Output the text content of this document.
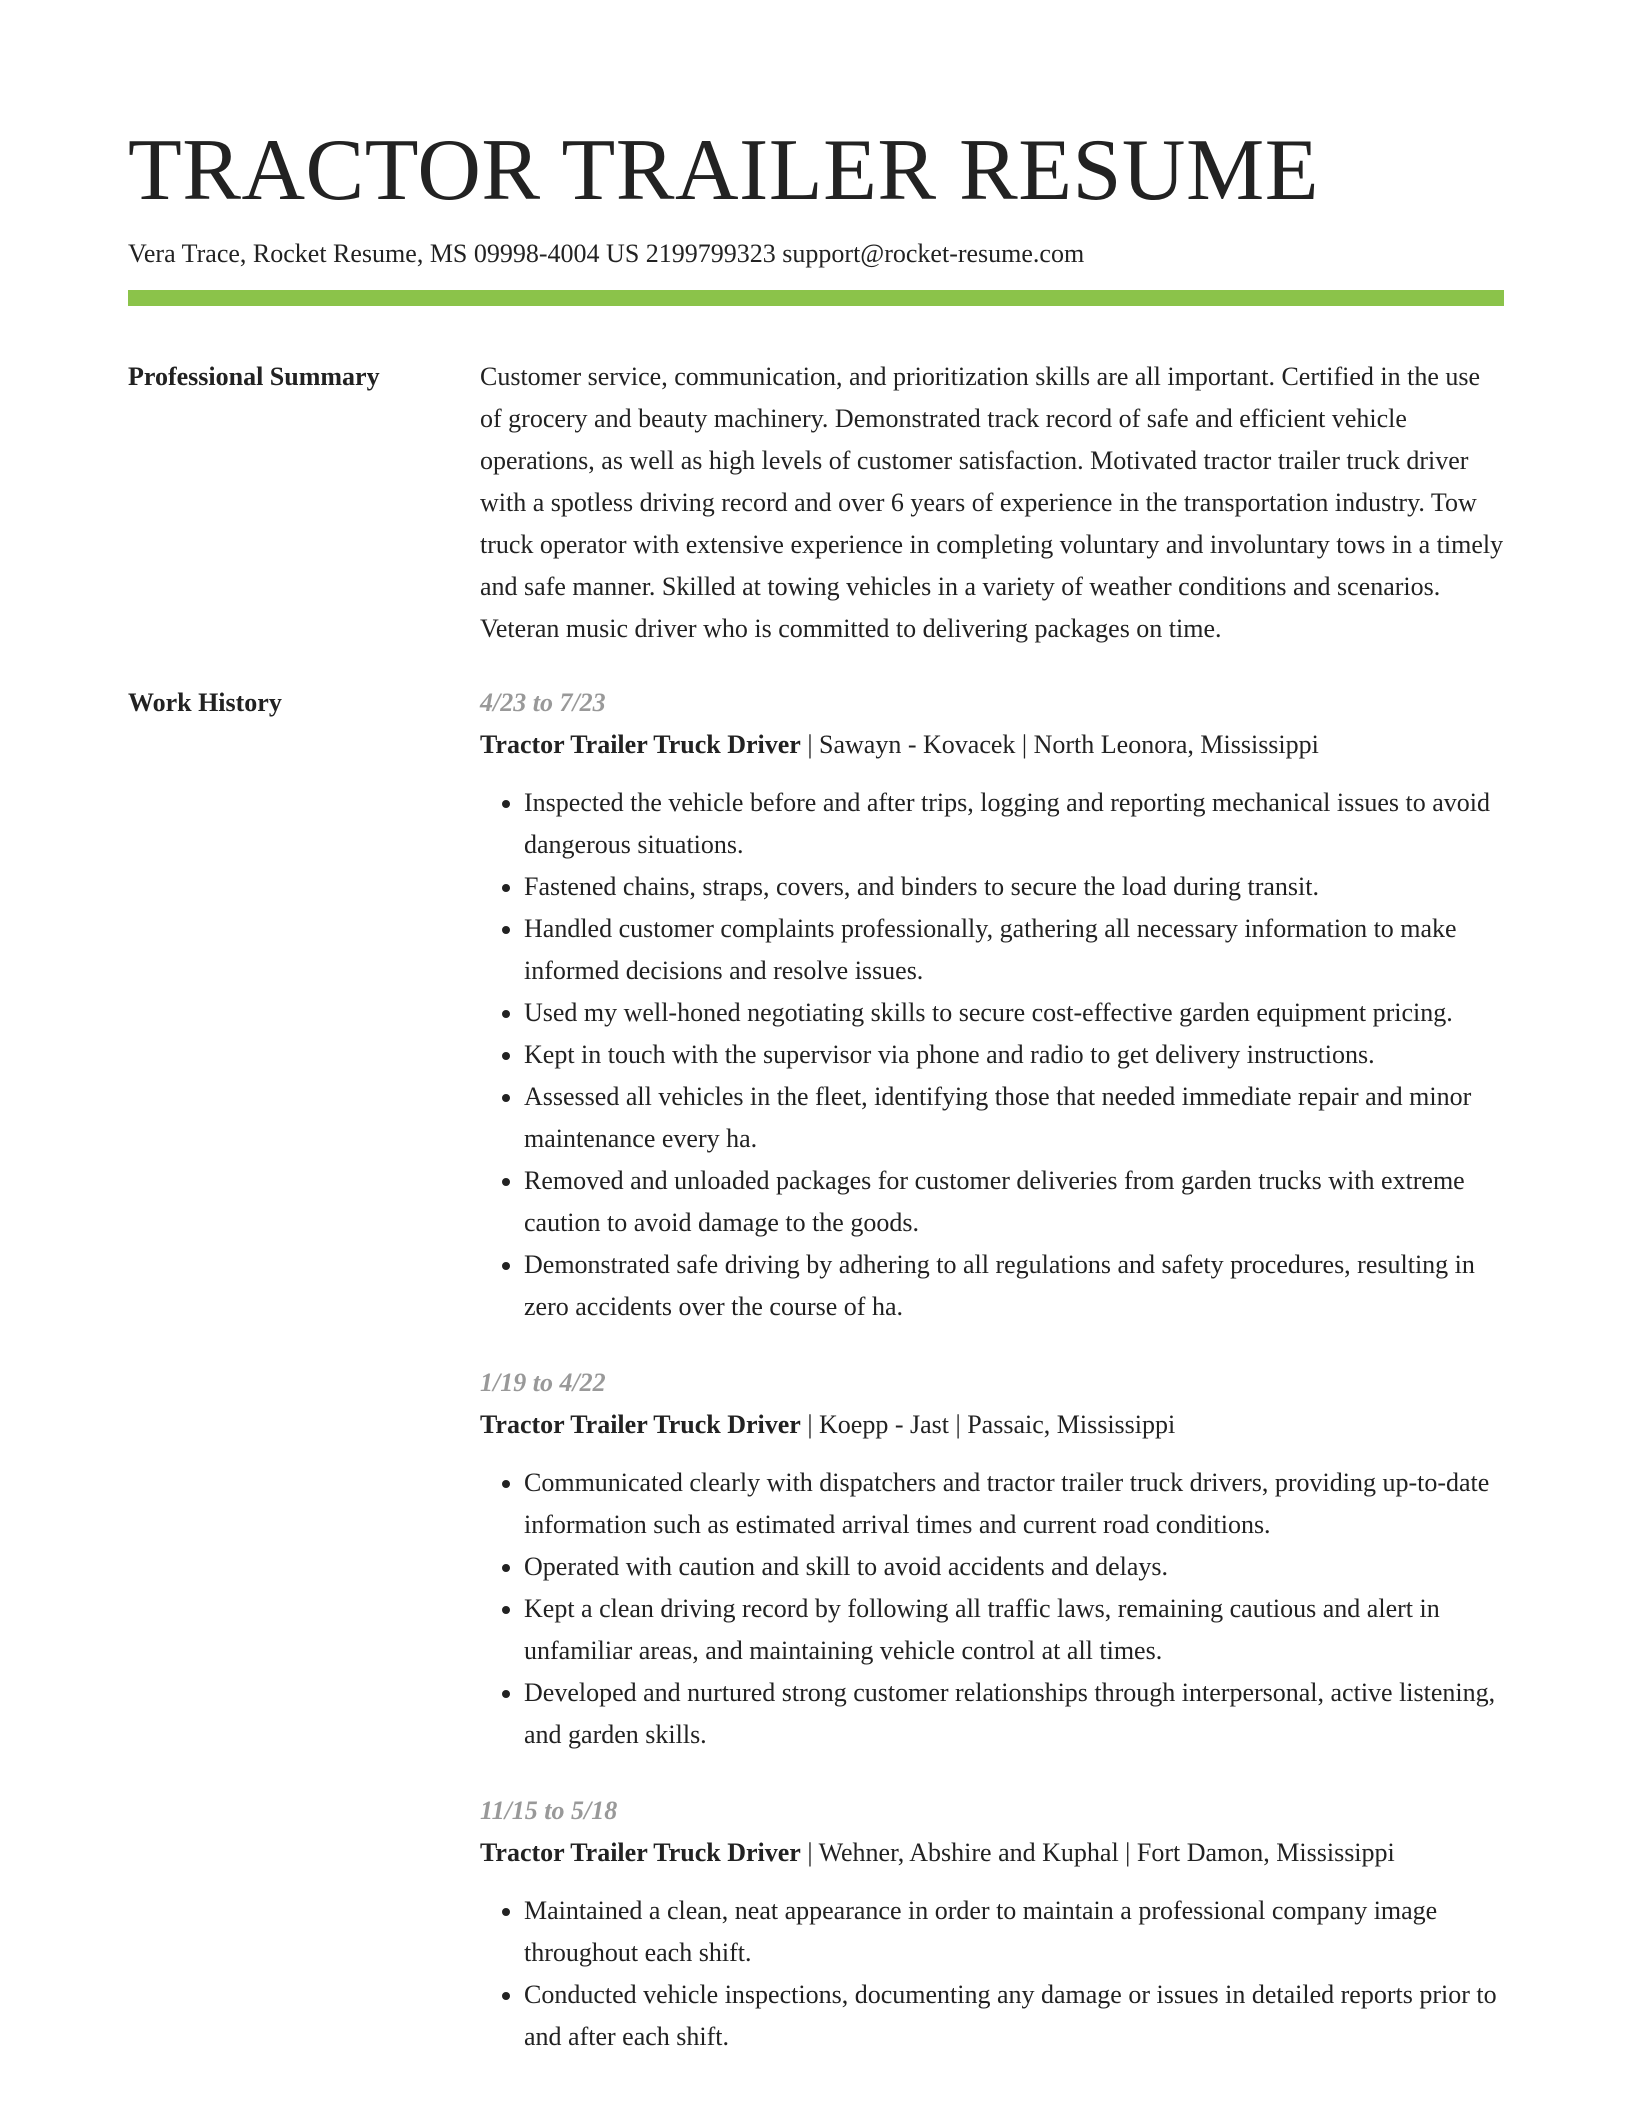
TRACTOR TRAILER RESUME
Vera Trace, Rocket Resume, MS 09998-4004 US 2199799323 support@rocket-resume.com
Professional Summary	Customer service, communication, and prioritization skills are all important. Certified in the use of grocery and beauty machinery. Demonstrated track record of safe and efficient vehicle operations, as well as high levels of customer satisfaction. Motivated tractor trailer truck driver with a spotless driving record and over 6 years of experience in the transportation industry. Tow truck operator with extensive experience in completing voluntary and involuntary tows in a timely and safe manner. Skilled at towing vehicles in a variety of weather conditions and scenarios. Veteran music driver who is committed to delivering packages on time.

Work History	4/23 to 7/23
Tractor Trailer Truck Driver | Sawayn - Kovacek | North Leonora, Mississippi
• Inspected the vehicle before and after trips, logging and reporting mechanical issues to avoid dangerous situations.
• Fastened chains, straps, covers, and binders to secure the load during transit.
• Handled customer complaints professionally, gathering all necessary information to make informed decisions and resolve issues.
• Used my well-honed negotiating skills to secure cost-effective garden equipment pricing.
• Kept in touch with the supervisor via phone and radio to get delivery instructions.
• Assessed all vehicles in the fleet, identifying those that needed immediate repair and minor maintenance every ha.
• Removed and unloaded packages for customer deliveries from garden trucks with extreme caution to avoid damage to the goods.
• Demonstrated safe driving by adhering to all regulations and safety procedures, resulting in zero accidents over the course of ha.
1/19 to 4/22
Tractor Trailer Truck Driver | Koepp - Jast | Passaic, Mississippi
• Communicated clearly with dispatchers and tractor trailer truck drivers, providing up-to-date information such as estimated arrival times and current road conditions.
• Operated with caution and skill to avoid accidents and delays.
• Kept a clean driving record by following all traffic laws, remaining cautious and alert in unfamiliar areas, and maintaining vehicle control at all times.
• Developed and nurtured strong customer relationships through interpersonal, active listening, and garden skills.
11/15 to 5/18
Tractor Trailer Truck Driver | Wehner, Abshire and Kuphal | Fort Damon, Mississippi
• Maintained a clean, neat appearance in order to maintain a professional company image throughout each shift.
• Conducted vehicle inspections, documenting any damage or issues in detailed reports prior to and after each shift.
